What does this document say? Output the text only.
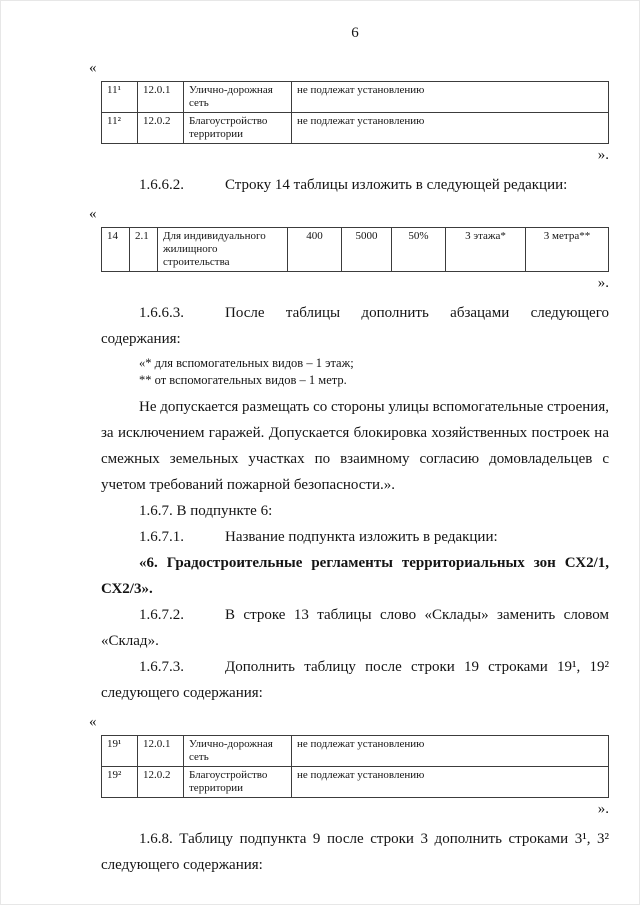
6
«
11¹	12.0.1	Улично-дорожная сеть	не подлежат установлению
11²	12.0.2	Благоустройство территории	не подлежат установлению
».

1.6.6.2.	Строку 14 таблицы изложить в следующей редакции:

«
14	2.1	Для индивидуального жилищного строительства	400	5000	50%	3 этажа*	3 метра**
».

1.6.6.3.	После таблицы дополнить абзацами следующего содержания:

«* для вспомогательных видов – 1 этаж;

** от вспомогательных видов – 1 метр.

Не допускается размещать со стороны улицы вспомогательные строения, за исключением гаражей. Допускается блокировка хозяйственных построек на смежных земельных участках по взаимному согласию домовладельцев с учетом требований пожарной безопасности.».

1.6.7. В подпункте 6:

1.6.7.1.	Название подпункта изложить в редакции:

«6. Градостроительные регламенты территориальных зон СХ2/1, СХ2/3».

1.6.7.2.	В строке 13 таблицы слово «Склады» заменить словом «Склад».

1.6.7.3.	Дополнить таблицу после строки 19 строками 19¹, 19² следующего содержания:

«
19¹	12.0.1	Улично-дорожная сеть	не подлежат установлению
19²	12.0.2	Благоустройство территории	не подлежат установлению
».

1.6.8. Таблицу подпункта 9 после строки 3 дополнить строками 3¹, 3² следующего содержания:
